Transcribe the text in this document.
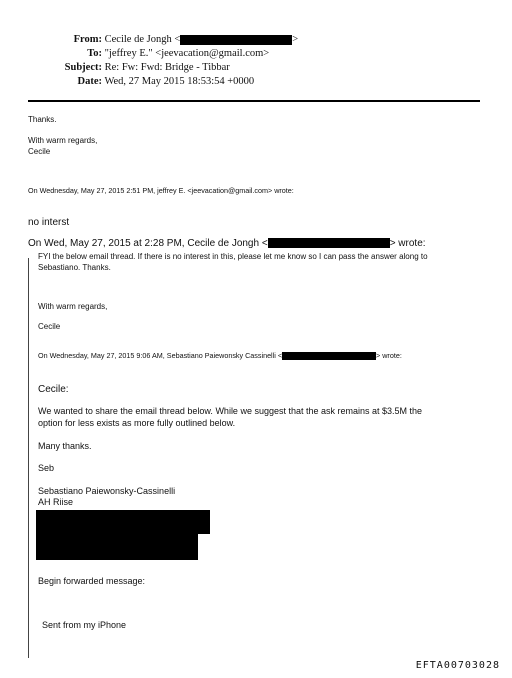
From: Cecile de Jongh <	>
To: "jeffrey E." <jeevacation@gmail.com>
Subject: Re: Fw: Fwd: Bridge - Tibbar
Date: Wed, 27 May 2015 18:53:54 +0000
Thanks.
With warm regards,
Cecile
On Wednesday, May 27, 2015 2:51 PM, jeffrey E. <jeevacation@gmail.com> wrote:
no interst
On Wed, May 27, 2015 at 2:28 PM, Cecile de Jongh <	> wrote:
FYI the below email thread. If there is no interest in this, please let me know so I can pass the answer along to
Sebastiano. Thanks.
With warm regards,
Cecile
On Wednesday, May 27, 2015 9:06 AM, Sebastiano Paiewonsky Cassinelli <	> wrote:
Cecile:
We wanted to share the email thread below. While we suggest that the ask remains at $3.5M the
option for less exists as more fully outlined below.
Many thanks.
Seb
Sebastiano Paiewonsky-Cassinelli
AH Riise
Begin forwarded message:
Sent from my iPhone
EFTA00703028
